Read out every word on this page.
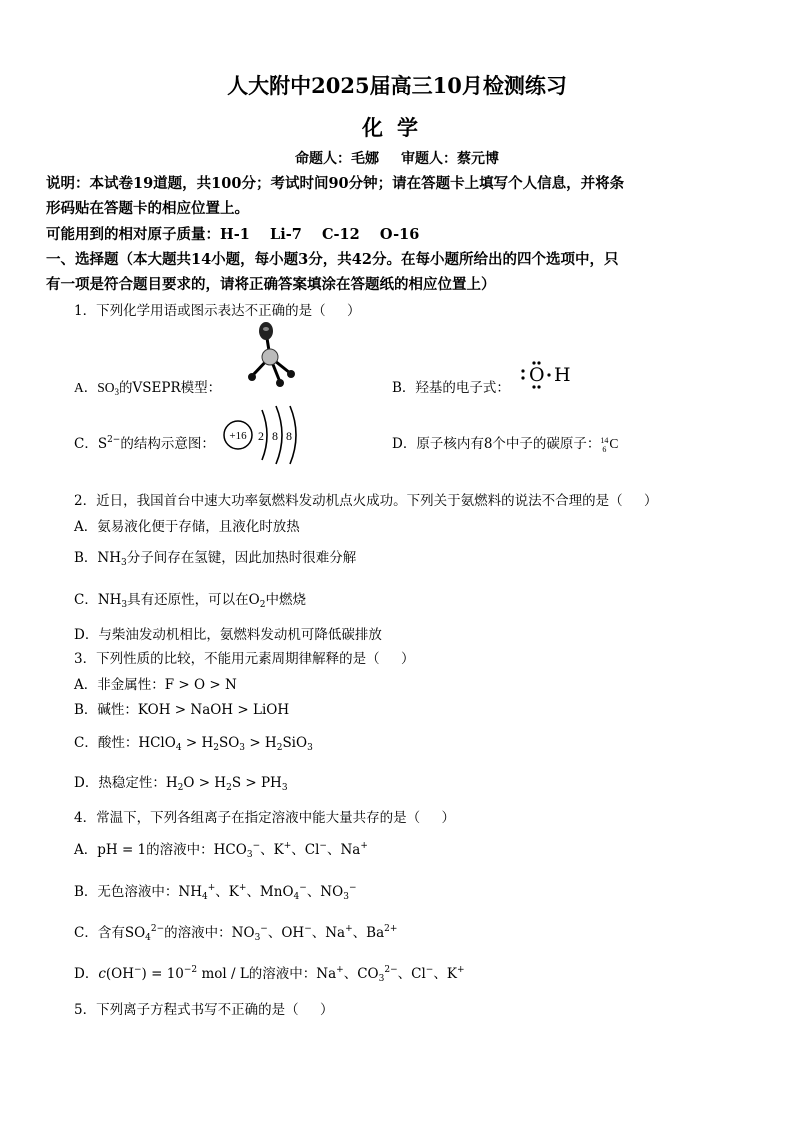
人大附中2025届高三10月检测练习
化学
命题人：毛娜 审题人：蔡元博
说明：本试卷19道题，共100分；考试时间90分钟；请在答题卡上填写个人信息，并将条
形码贴在答题卡的相应位置上。
可能用到的相对原子质量：H-1    Li-7    C-12    O-16
一、选择题（本大题共14小题，每小题3分，共42分。在每小题所给出的四个选项中，只
有一项是符合题目要求的，请将正确答案填涂在答题纸的相应位置上）
1．下列化学用语或图示表达不正确的是（     ）
A．$SO_3$的VSEPR模型：	B．羟基的电子式：
O H
C．$S^{2-}$的结构示意图： +16 2 8 8	D．原子核内有8个中子的碳原子：14
6 C
2．近日，我国首台中速大功率氨燃料发动机点火成功。下列关于氨燃料的说法不合理的是（     ）
A．氨易液化便于存储，且液化时放热
B．$NH_3$分子间存在氢键，因此加热时很难分解
C．$NH_3$具有还原性，可以在$O_2$中燃烧
D．与柴油发动机相比，氨燃料发动机可降低碳排放
3．下列性质的比较，不能用元素周期律解释的是（     ）
A．非金属性：F > O > N
B．碱性：KOH > NaOH > LiOH
C．酸性：HClO$_4$ > $H_2SO_3 > H_2SiO_3$
D．热稳定性：$H_2O > H_2S > PH_3$
4．常温下，下列各组离子在指定溶液中能大量共存的是（     ）
A．pH = 1的溶液中：$HCO_3^-$、K+、Cl−、Na+
B．无色溶液中：$NH_4^+$、K+、MnO$_4$−、$NO_3^-$
C．含有$SO_4^{2-}$的溶液中：$NO_3^-$、OH−、Na+、$Ba^{2+}$
D．$c(OH^-) = 10^{-2}$ mol / L的溶液中：Na+、$CO_3^{2-}$、Cl−、K+
5．下列离子方程式书写不正确的是（     ）
